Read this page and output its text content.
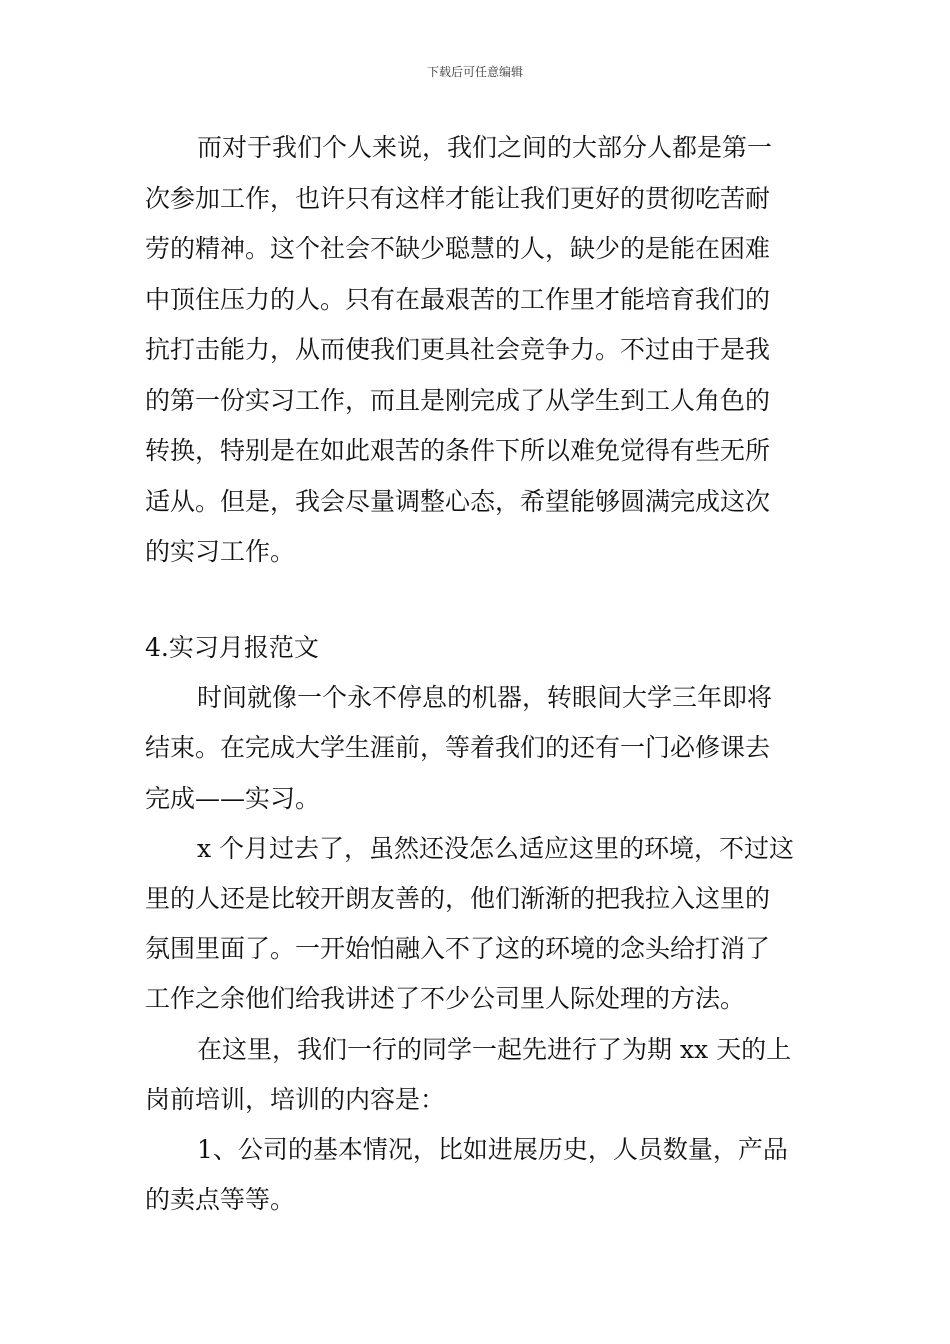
下载后可任意编辑
而对于我们个人来说，我们之间的大部分人都是第一
次参加工作，也许只有这样才能让我们更好的贯彻吃苦耐
劳的精神。这个社会不缺少聪慧的人，缺少的是能在困难
中顶住压力的人。只有在最艰苦的工作里才能培育我们的
抗打击能力，从而使我们更具社会竞争力。不过由于是我
的第一份实习工作，而且是刚完成了从学生到工人角色的
转换，特别是在如此艰苦的条件下所以难免觉得有些无所
适从。但是，我会尽量调整心态，希望能够圆满完成这次
的实习工作。
4.实习月报范文
时间就像一个永不停息的机器，转眼间大学三年即将
结束。在完成大学生涯前，等着我们的还有一门必修课去
完成——实习。
x 个月过去了，虽然还没怎么适应这里的环境，不过这
里的人还是比较开朗友善的，他们渐渐的把我拉入这里的
氛围里面了。一开始怕融入不了这的环境的念头给打消了
工作之余他们给我讲述了不少公司里人际处理的方法。
在这里，我们一行的同学一起先进行了为期 xx 天的上
岗前培训，培训的内容是：
1、公司的基本情况，比如进展历史，人员数量，产品
的卖点等等。
